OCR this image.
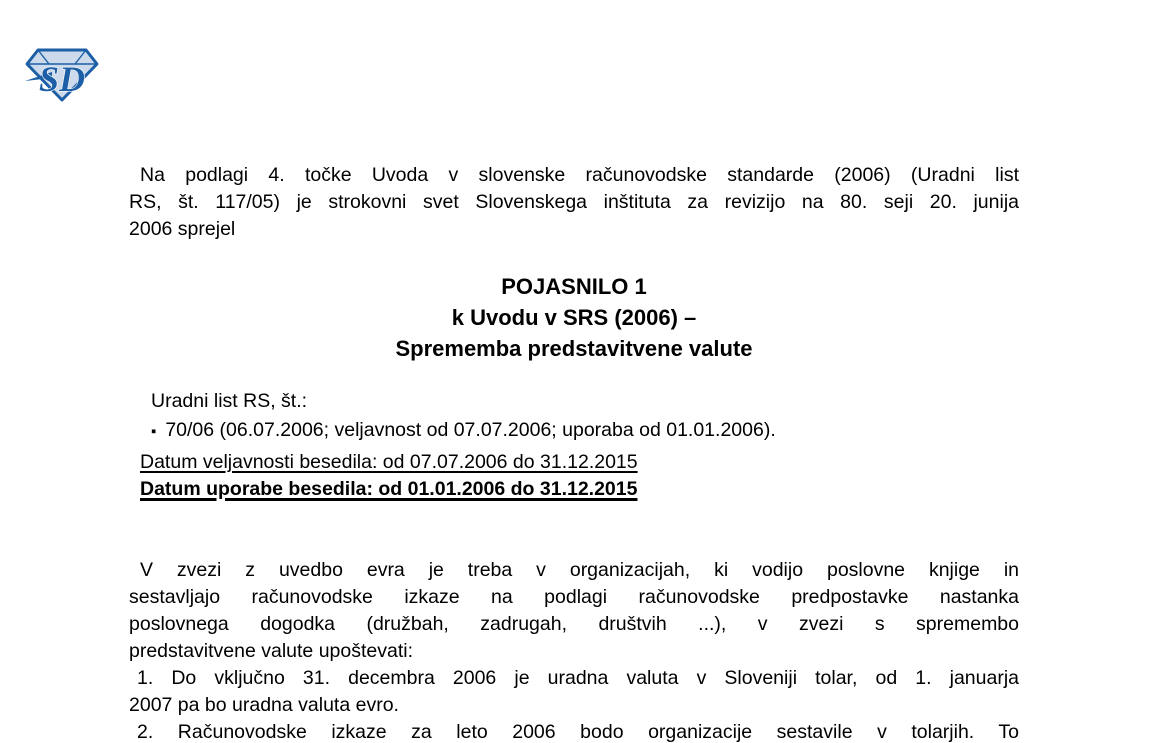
SD
Na podlagi 4. točke Uvoda v slovenske računovodske standarde (2006) (Uradni list
RS, št. 117/05) je strokovni svet Slovenskega inštituta za revizijo na 80. seji 20. junija
2006 sprejel
POJASNILO 1
k Uvodu v SRS (2006) –
Sprememba predstavitvene valute
Uradni list RS, št.:
▪ 70/06 (06.07.2006; veljavnost od 07.07.2006; uporaba od 01.01.2006).
Datum veljavnosti besedila: od 07.07.2006 do 31.12.2015
Datum uporabe besedila: od 01.01.2006 do 31.12.2015
V zvezi z uvedbo evra je treba v organizacijah, ki vodijo poslovne knjige in
sestavljajo računovodske izkaze na podlagi računovodske predpostavke nastanka
poslovnega dogodka (družbah, zadrugah, društvih ...), v zvezi s spremembo
predstavitvene valute upoštevati:
1. Do vključno 31. decembra 2006 je uradna valuta v Sloveniji tolar, od 1. januarja
2007 pa bo uradna valuta evro.
2. Računovodske izkaze za leto 2006 bodo organizacije sestavile v tolarjih. To
